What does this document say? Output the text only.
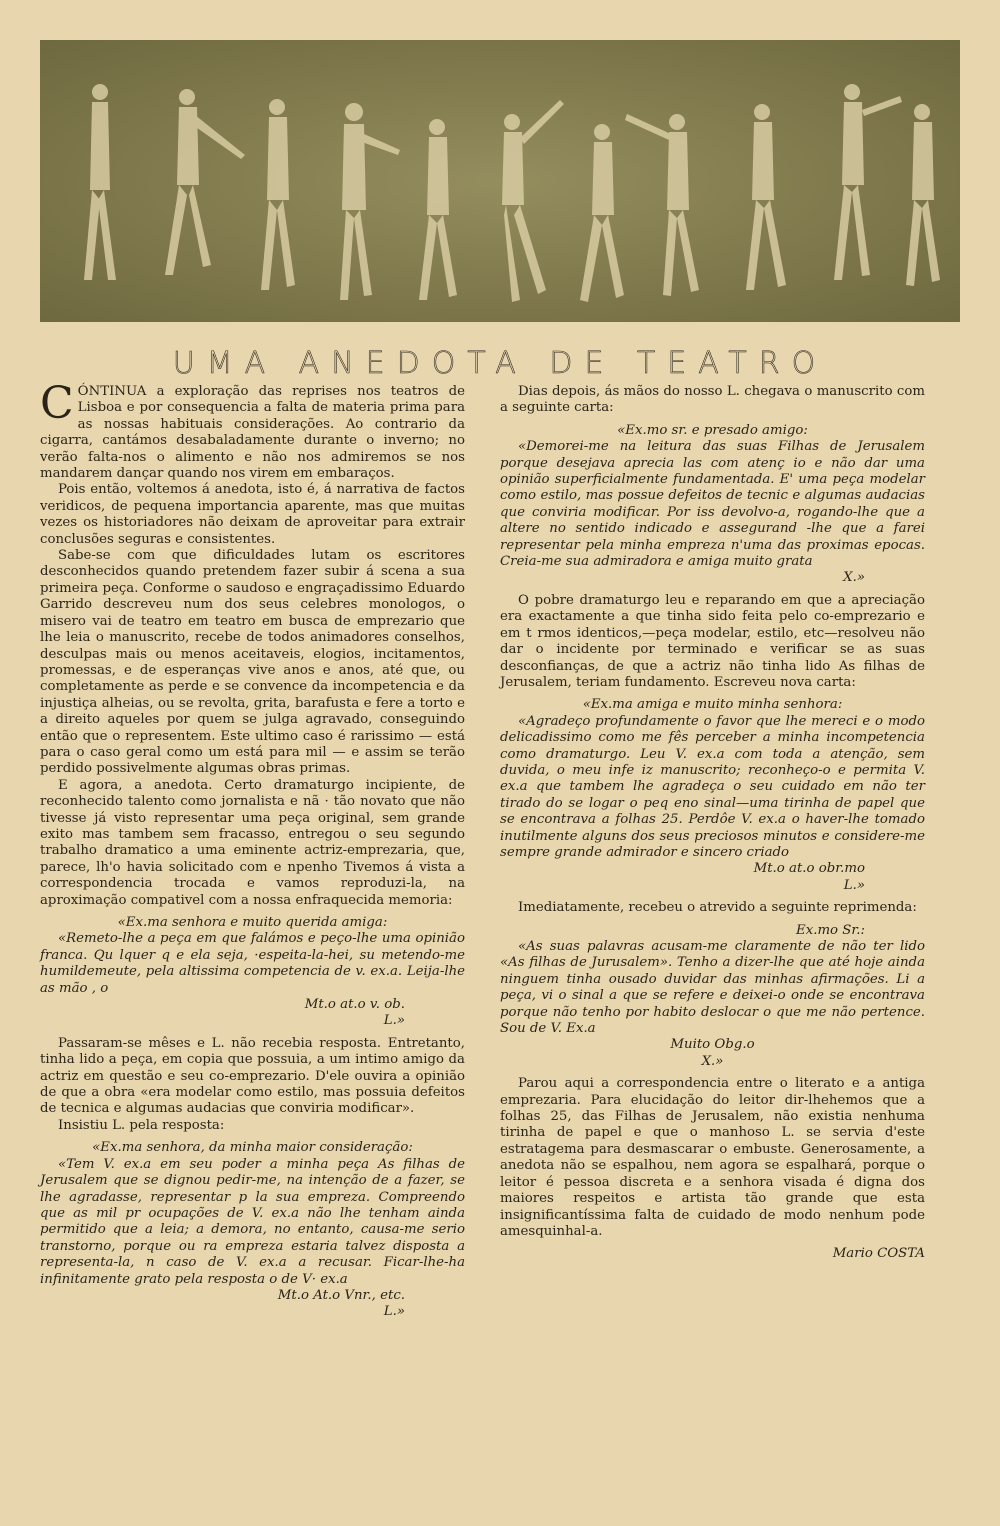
UMA ANEDOTA DE TEATRO

CÓNTINUA a exploração das reprises nos teatros de Lisboa e por consequencia a falta de materia prima para as nossas habituais considerações. Ao contrario da cigarra, cantámos desabaladamente durante o inverno; no verão falta-nos o alimento e não nos admiremos se nos mandarem dançar quando nos virem em embaraços.

Pois então, voltemos á anedota, isto é, á narrativa de factos veridicos, de pequena importancia aparente, mas que muitas vezes os historiadores não deixam de aproveitar para extrair conclusões seguras e consistentes.

Sabe-se com que dificuldades lutam os escritores desconhecidos quando pretendem fazer subir á scena a sua primeira peça. Conforme o saudoso e engraçadissimo Eduardo Garrido descreveu num dos seus celebres monologos, o misero vai de teatro em teatro em busca de emprezario que lhe leia o manuscrito, recebe de todos animadores conselhos, desculpas mais ou menos aceitaveis, elogios, incitamentos, promessas, e de esperanças vive anos e anos, até que, ou completamente as perde e se convence da incompetencia e da injustiça alheias, ou se revolta, grita, barafusta e fere a torto e a direito aqueles por quem se julga agravado, conseguindo então que o representem. Este ultimo caso é rarissimo — está para o caso geral como um está para mil — e assim se terão perdido possivelmente algumas obras primas.

E agora, a anedota. Certo dramaturgo incipiente, de reconhecido talento como jornalista e nã · tão novato que não tivesse já visto representar uma peça original, sem grande exito mas tambem sem fracasso, entregou o seu segundo trabalho dramatico a uma eminente actriz-emprezaria, que, parece, lh'o havia solicitado com e npenho Tivemos á vista a correspondencia trocada e vamos reproduzi-la, na aproximação compativel com a nossa enfraquecida memoria:

«Ex.ma senhora e muito querida amiga:

«Remeto-lhe a peça em que falámos e peço-lhe uma opinião franca. Qu lquer q e ela seja, ·espeita-la-hei, su metendo-me humildemeute, pela altissima competencia de v. ex.a. Leija-lhe as mão , o

Mt.o at.o v. ob.

L.»

Passaram-se mêses e L. não recebia resposta. Entretanto, tinha lido a peça, em copia que possuia, a um intimo amigo da actriz em questão e seu co-emprezario. D'ele ouvira a opinião de que a obra «era modelar como estilo, mas possuia defeitos de tecnica e algumas audacias que conviria modificar».

Insistiu L. pela resposta:

«Ex.ma senhora, da minha maior consideração:

«Tem V. ex.a em seu poder a minha peça As filhas de Jerusalem que se dignou pedir-me, na intenção de a fazer, se lhe agradasse, representar p la sua empreza. Compreendo que as mil pr ocupações de V. ex.a não lhe tenham ainda permitido que a leia; a demora, no entanto, causa-me serio transtorno, porque ou ra empreza estaria talvez disposta a representa-la, n caso de V. ex.a a recusar. Ficar-lhe-ha infinitamente grato pela resposta o de V· ex.a

Mt.o At.o Vnr., etc.

L.»

Dias depois, ás mãos do nosso L. chegava o manuscrito com a seguinte carta:

«Ex.mo sr. e presado amigo:

«Demorei-me na leitura das suas Filhas de Jerusalem porque desejava aprecia las com atenç io e não dar uma opinião superficialmente fundamentada. E' uma peça modelar como estilo, mas possue defeitos de tecnic e algumas audacias que conviria modificar. Por iss devolvo-a, rogando-lhe que a altere no sentido indicado e assegurand -lhe que a farei representar pela minha empreza n'uma das proximas epocas. Creia-me sua admiradora e amiga muito grata

X.»

O pobre dramaturgo leu e reparando em que a apreciação era exactamente a que tinha sido feita pelo co-emprezario e em t rmos identicos,—peça modelar, estilo, etc—resolveu não dar o incidente por terminado e verificar se as suas desconfianças, de que a actriz não tinha lido As filhas de Jerusalem, teriam fundamento. Escreveu nova carta:

«Ex.ma amiga e muito minha senhora:

«Agradeço profundamente o favor que lhe mereci e o modo delicadissimo como me fês perceber a minha incompetencia como dramaturgo. Leu V. ex.a com toda a atenção, sem duvida, o meu infe iz manuscrito; reconheço-o e permita V. ex.a que tambem lhe agradeça o seu cuidado em não ter tirado do se logar o peq eno sinal—uma tirinha de papel que se encontrava a folhas 25. Perdôe V. ex.a o haver-lhe tomado inutilmente alguns dos seus preciosos minutos e considere-me sempre grande admirador e sincero criado

Mt.o at.o obr.mo

L.»

Imediatamente, recebeu o atrevido a seguinte reprimenda:

Ex.mo Sr.:

«As suas palavras acusam-me claramente de não ter lido «As filhas de Jurusalem». Tenho a dizer-lhe que até hoje ainda ninguem tinha ousado duvidar das minhas afirmações. Li a peça, vi o sinal a que se refere e deixei-o onde se encontrava porque não tenho por habito deslocar o que me não pertence. Sou de V. Ex.a

Muito Obg.o

X.»

Parou aqui a correspondencia entre o literato e a antiga emprezaria. Para elucidação do leitor dir-lhehemos que a folhas 25, das Filhas de Jerusalem, não existia nenhuma tirinha de papel e que o manhoso L. se servia d'este estratagema para desmascarar o embuste. Generosamente, a anedota não se espalhou, nem agora se espalhará, porque o leitor é pessoa discreta e a senhora visada é digna dos maiores respeitos e artista tão grande que esta insignificantíssima falta de cuidado de modo nenhum pode amesquinhal-a.

Mario COSTA
